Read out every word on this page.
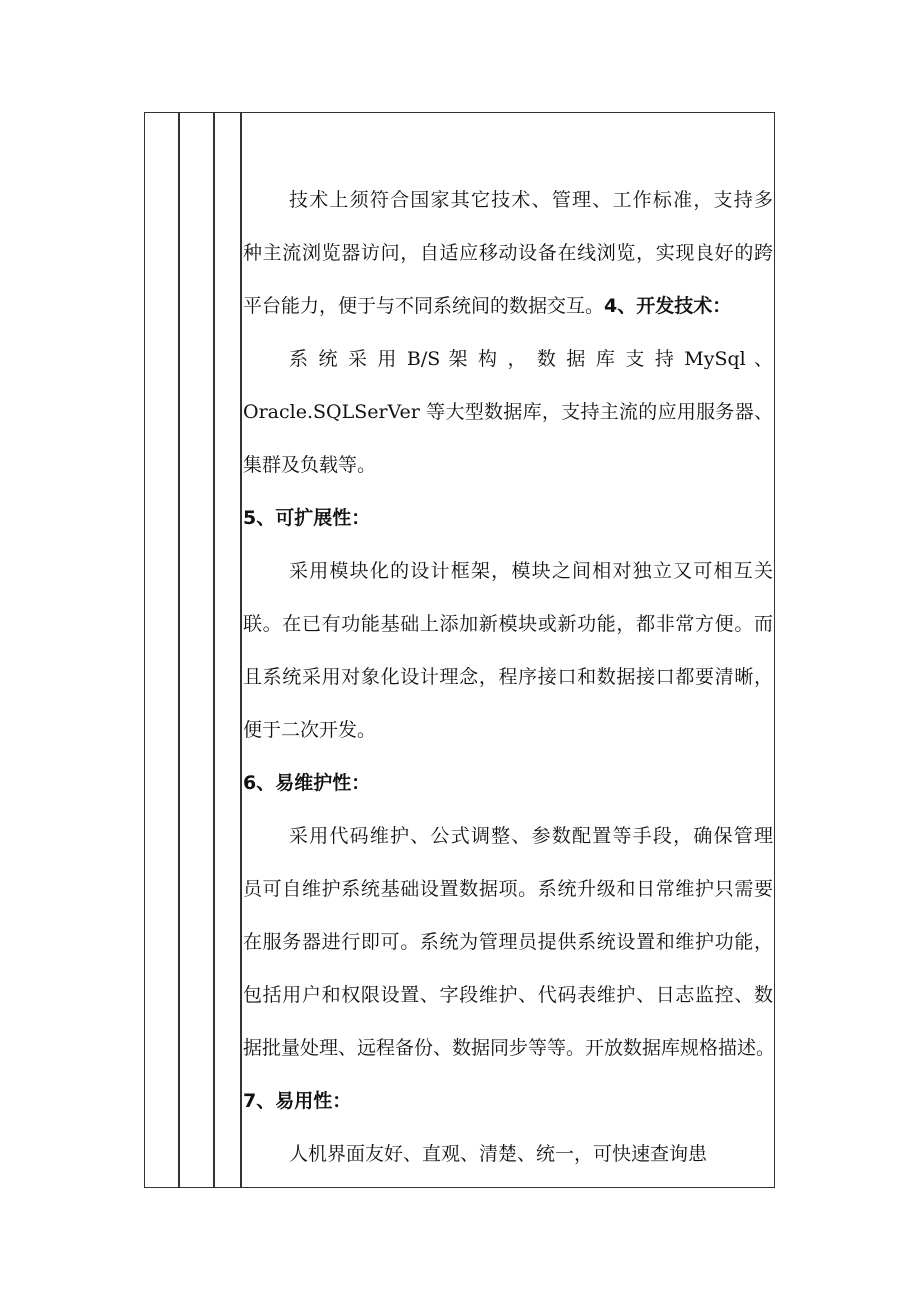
技术上须符合国家其它技术、管理、工作标准，支持多
种主流浏览器访问，自适应移动设备在线浏览，实现良好的跨
平台能力，便于与不同系统间的数据交互。4、开发技术：
系 统 采 用 B/S 架 构 ， 数 据 库 支 持 MySql 、
Oracle.SQLSerVer 等大型数据库，支持主流的应用服务器、
集群及负载等。
5、可扩展性：
采用模块化的设计框架，模块之间相对独立又可相互关
联。在已有功能基础上添加新模块或新功能，都非常方便。而
且系统采用对象化设计理念，程序接口和数据接口都要清晰，
便于二次开发。
6、易维护性：
采用代码维护、公式调整、参数配置等手段，确保管理
员可自维护系统基础设置数据项。系统升级和日常维护只需要
在服务器进行即可。系统为管理员提供系统设置和维护功能，
包括用户和权限设置、字段维护、代码表维护、日志监控、数
据批量处理、远程备份、数据同步等等。开放数据库规格描述。
7、易用性：
人机界面友好、直观、清楚、统一，可快速查询患
